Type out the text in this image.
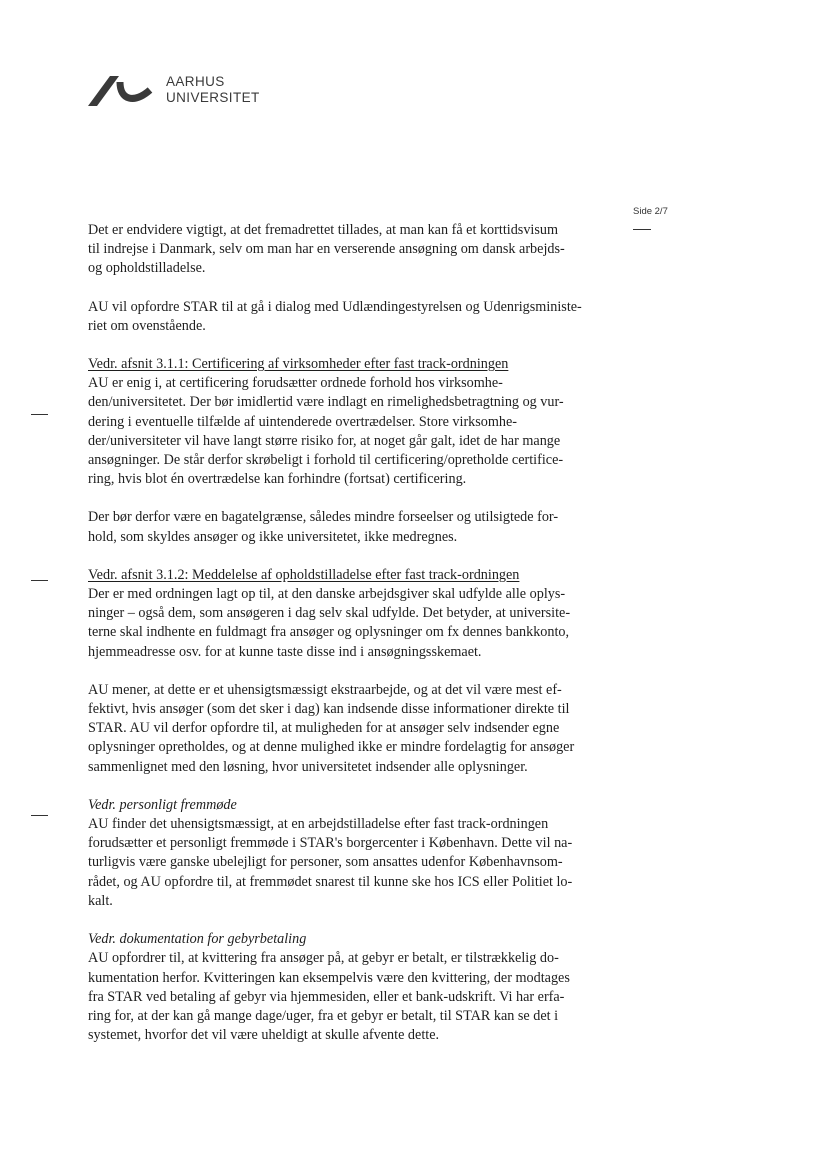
AARHUS
UNIVERSITET
Side 2/7
Det er endvidere vigtigt, at det fremadrettet tillades, at man kan få et korttidsvisum
til indrejse i Danmark, selv om man har en verserende ansøgning om dansk arbejds-
og opholdstilladelse.
AU vil opfordre STAR til at gå i dialog med Udlændingestyrelsen og Udenrigsministe-
riet om ovenstående.
Vedr. afsnit 3.1.1: Certificering af virksomheder efter fast track-ordningen
AU er enig i, at certificering forudsætter ordnede forhold hos virksomhe-
den/universitetet. Der bør imidlertid være indlagt en rimelighedsbetragtning og vur-
dering i eventuelle tilfælde af uintenderede overtrædelser. Store virksomhe-
der/universiteter vil have langt større risiko for, at noget går galt, idet de har mange
ansøgninger. De står derfor skrøbeligt i forhold til certificering/opretholde certifice-
ring, hvis blot én overtrædelse kan forhindre (fortsat) certificering.
Der bør derfor være en bagatelgrænse, således mindre forseelser og utilsigtede for-
hold, som skyldes ansøger og ikke universitetet, ikke medregnes.
Vedr. afsnit 3.1.2: Meddelelse af opholdstilladelse efter fast track-ordningen
Der er med ordningen lagt op til, at den danske arbejdsgiver skal udfylde alle oplys-
ninger – også dem, som ansøgeren i dag selv skal udfylde. Det betyder, at universite-
terne skal indhente en fuldmagt fra ansøger og oplysninger om fx dennes bankkonto,
hjemmeadresse osv. for at kunne taste disse ind i ansøgningsskemaet.
AU mener, at dette er et uhensigtsmæssigt ekstraarbejde, og at det vil være mest ef-
fektivt, hvis ansøger (som det sker i dag) kan indsende disse informationer direkte til
STAR. AU vil derfor opfordre til, at muligheden for at ansøger selv indsender egne
oplysninger opretholdes, og at denne mulighed ikke er mindre fordelagtig for ansøger
sammenlignet med den løsning, hvor universitetet indsender alle oplysninger.
Vedr. personligt fremmøde
AU finder det uhensigtsmæssigt, at en arbejdstilladelse efter fast track-ordningen
forudsætter et personligt fremmøde i STAR's borgercenter i København. Dette vil na-
turligvis være ganske ubelejligt for personer, som ansattes udenfor Københavnsom-
rådet, og AU opfordre til, at fremmødet snarest til kunne ske hos ICS eller Politiet lo-
kalt.
Vedr. dokumentation for gebyrbetaling
AU opfordrer til, at kvittering fra ansøger på, at gebyr er betalt, er tilstrækkelig do-
kumentation herfor. Kvitteringen kan eksempelvis være den kvittering, der modtages
fra STAR ved betaling af gebyr via hjemmesiden, eller et bank-udskrift. Vi har erfa-
ring for, at der kan gå mange dage/uger, fra et gebyr er betalt, til STAR kan se det i
systemet, hvorfor det vil være uheldigt at skulle afvente dette.
